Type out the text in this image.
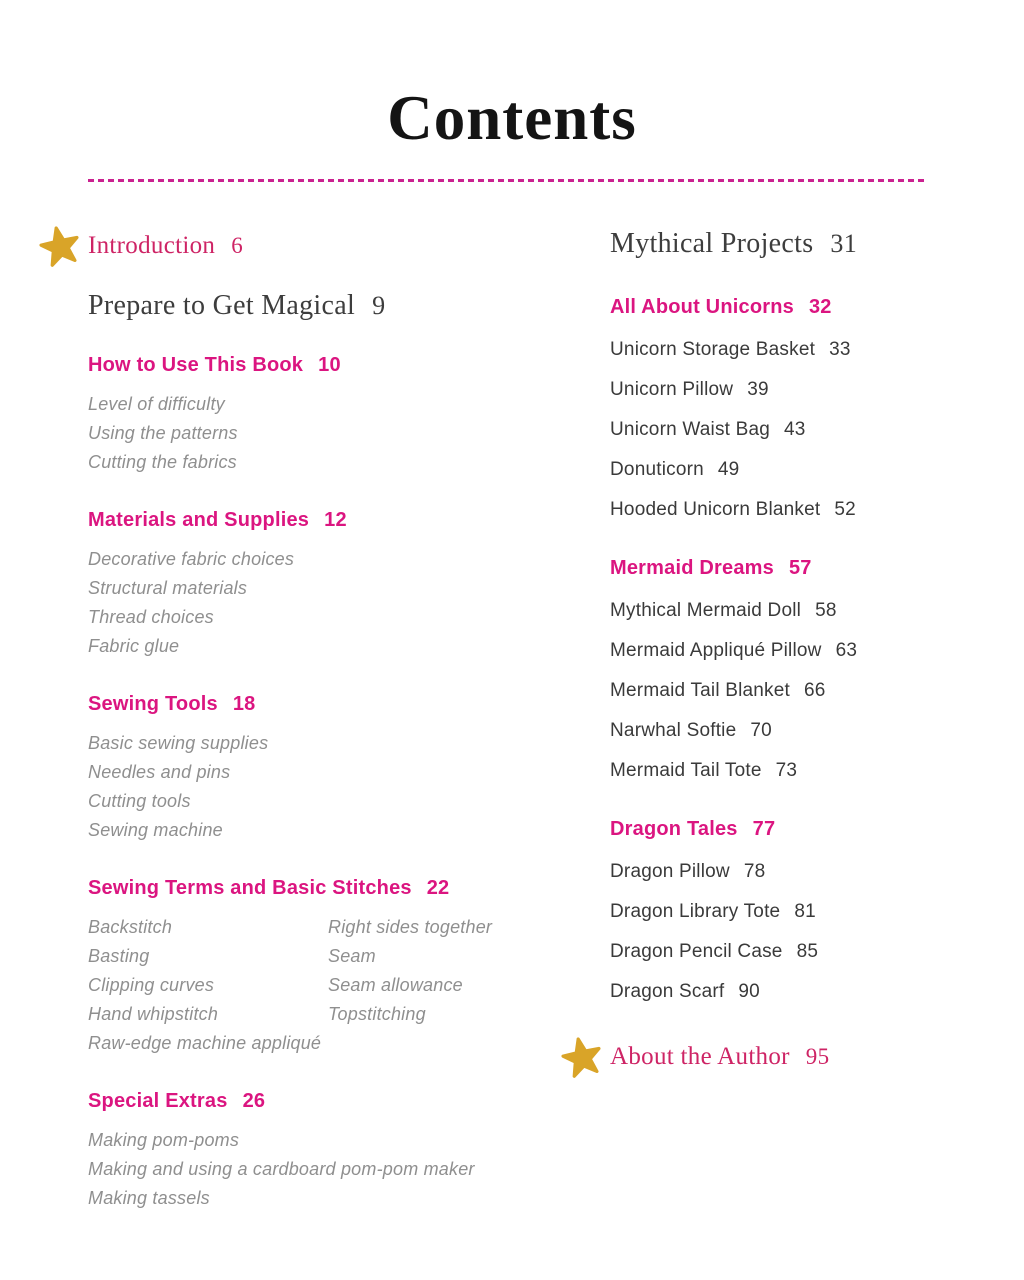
Contents
Introduction 6
Prepare to Get Magical 9
How to Use This Book 10
Level of difficulty
Using the patterns
Cutting the fabrics
Materials and Supplies 12
Decorative fabric choices
Structural materials
Thread choices
Fabric glue
Sewing Tools 18
Basic sewing supplies
Needles and pins
Cutting tools
Sewing machine
Sewing Terms and Basic Stitches 22
Backstitch
Basting
Clipping curves
Hand whipstitch
Raw-edge machine appliqué
Right sides together
Seam
Seam allowance
Topstitching
Special Extras 26
Making pom-poms
Making and using a cardboard pom-pom maker
Making tassels
Mythical Projects 31
All About Unicorns 32
Unicorn Storage Basket 33
Unicorn Pillow 39
Unicorn Waist Bag 43
Donuticorn 49
Hooded Unicorn Blanket 52
Mermaid Dreams 57
Mythical Mermaid Doll 58
Mermaid Appliqué Pillow 63
Mermaid Tail Blanket 66
Narwhal Softie 70
Mermaid Tail Tote 73
Dragon Tales 77
Dragon Pillow 78
Dragon Library Tote 81
Dragon Pencil Case 85
Dragon Scarf 90
About the Author 95
